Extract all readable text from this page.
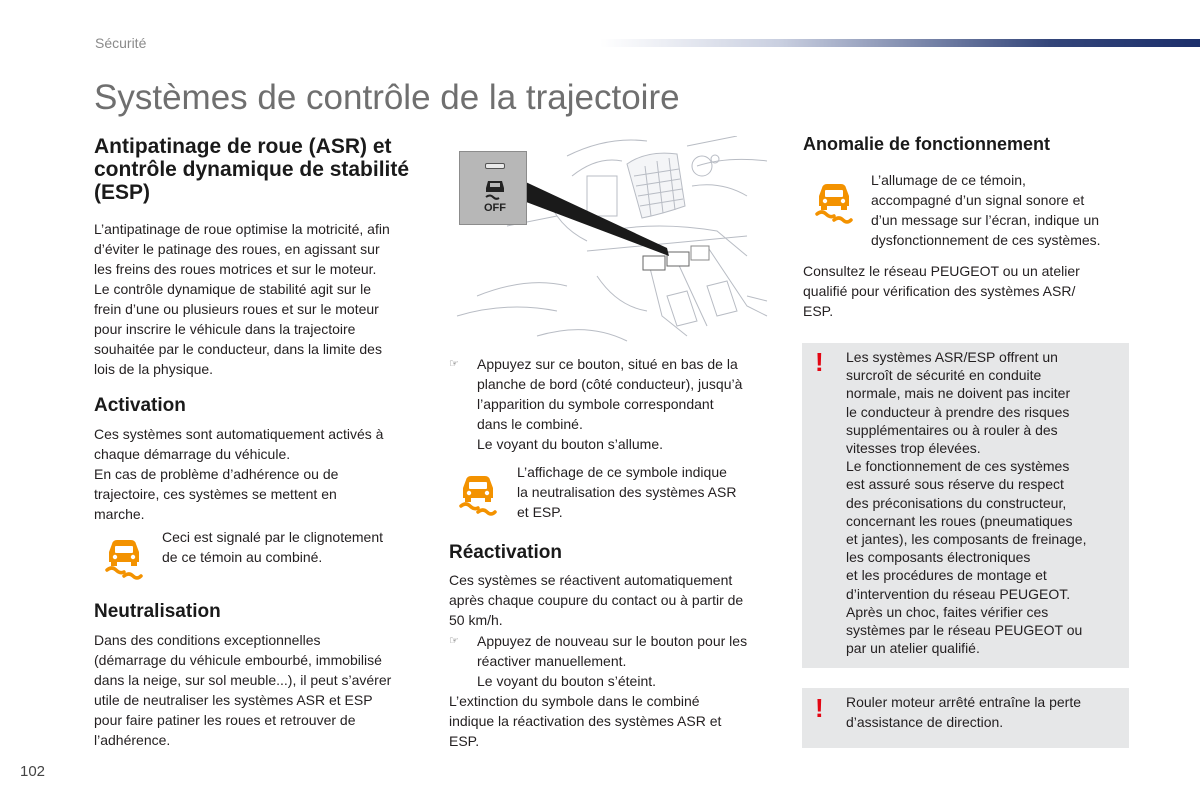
Sécurité
Systèmes de contrôle de la trajectoire
Antipatinage de roue (ASR) et contrôle dynamique de stabilité (ESP)
L’antipatinage de roue optimise la motricité, afin
d’éviter le patinage des roues, en agissant sur
les freins des roues motrices et sur le moteur.
Le contrôle dynamique de stabilité agit sur le
frein d’une ou plusieurs roues et sur le moteur
pour inscrire le véhicule dans la trajectoire
souhaitée par le conducteur, dans la limite des
lois de la physique.
Activation
Ces systèmes sont automatiquement activés à
chaque démarrage du véhicule.
En cas de problème d’adhérence ou de
trajectoire, ces systèmes se mettent en
marche.
Ceci est signalé par le clignotement
de ce témoin au combiné.
Neutralisation
Dans des conditions exceptionnelles
(démarrage du véhicule embourbé, immobilisé
dans la neige, sur sol meuble...), il peut s’avérer
utile de neutraliser les systèmes ASR et ESP
pour faire patiner les roues et retrouver de
l’adhérence.
OFF
☞	Appuyez sur ce bouton, situé en bas de la
planche de bord (côté conducteur), jusqu’à
l’apparition du symbole correspondant
dans le combiné.
Le voyant du bouton s’allume.
L’affichage de ce symbole indique
la neutralisation des systèmes ASR
et ESP.
Réactivation
Ces systèmes se réactivent automatiquement
après chaque coupure du contact ou à partir de
50 km/h.
☞	Appuyez de nouveau sur le bouton pour les
réactiver manuellement.
Le voyant du bouton s’éteint.
L’extinction du symbole dans le combiné
indique la réactivation des systèmes ASR et
ESP.
Anomalie de fonctionnement
L’allumage de ce témoin,
accompagné d’un signal sonore et
d’un message sur l’écran, indique un
dysfonctionnement de ces systèmes.
Consultez le réseau PEUGEOT ou un atelier
qualifié pour vérification des systèmes ASR/
ESP.
! Les systèmes ASR/ESP offrent un
surcroît de sécurité en conduite
normale, mais ne doivent pas inciter
le conducteur à prendre des risques
supplémentaires ou à rouler à des
vitesses trop élevées.
Le fonctionnement de ces systèmes
est assuré sous réserve du respect
des préconisations du constructeur,
concernant les roues (pneumatiques
et jantes), les composants de freinage,
les composants électroniques
et les procédures de montage et
d’intervention du réseau PEUGEOT.
Après un choc, faites vérifier ces
systèmes par le réseau PEUGEOT ou
par un atelier qualifié.
! Rouler moteur arrêté entraîne la perte
d’assistance de direction.
102
